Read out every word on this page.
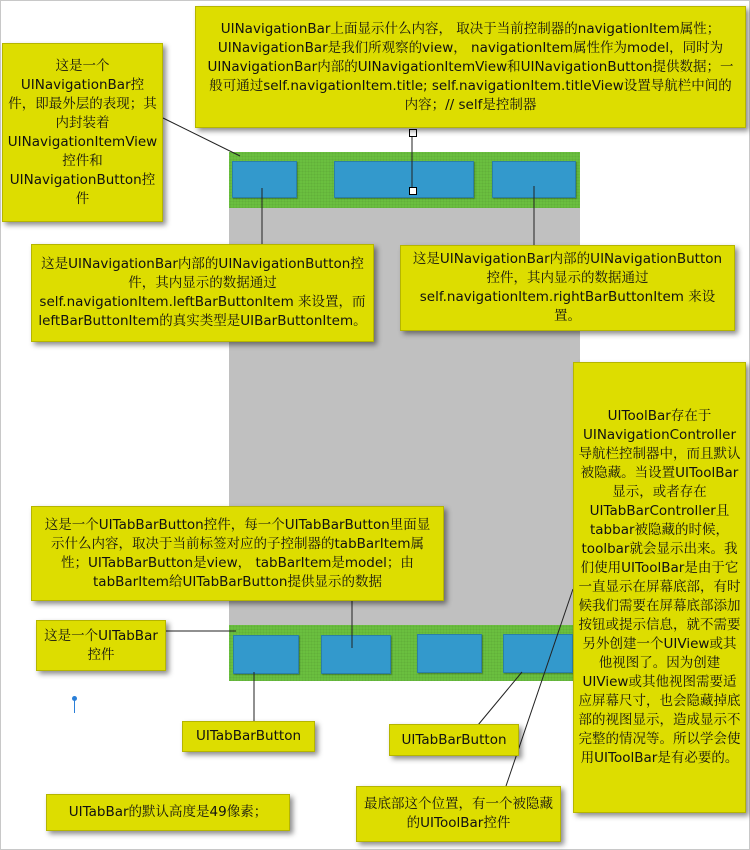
UINavigationBar上面显示什么内容， 取决于当前控制器的navigationItem属性； UINavigationBar是我们所观察的view， navigationItem属性作为model，同时为UINavigationBar内部的UINavigationItemView和UINavigationButton提供数据；一般可通过self.navigationItem.title; self.navigationItem.titleView设置导航栏中间的内容；// self是控制器
这是一个UINavigationBar控件，即最外层的表现；其内封装着UINavigationItemView控件和UINavigationButton控件
这是UINavigationBar内部的UINavigationButton控件，其内显示的数据通过self.navigationItem.leftBarButtonItem 来设置，而leftBarButtonItem的真实类型是UIBarButtonItem。
这是UINavigationBar内部的UINavigationButton控件，其内显示的数据通过self.navigationItem.rightBarButtonItem 来设置。
UIToolBar存在于UINavigationController导航栏控制器中，而且默认被隐藏。当设置UIToolBar显示，或者存在UITabBarController且tabbar被隐藏的时候，toolbar就会显示出来。我们使用UIToolBar是由于它一直显示在屏幕底部，有时候我们需要在屏幕底部添加按钮或提示信息，就不需要另外创建一个UIView或其他视图了。因为创建UIView或其他视图需要适应屏幕尺寸，也会隐藏掉底部的视图显示，造成显示不完整的情况等。所以学会使用UIToolBar是有必要的。
这是一个UITabBarButton控件，每一个UITabBarButton里面显示什么内容，取决于当前标签对应的子控制器的tabBarItem属性；UITabBarButton是view， tabBarItem是model；由tabBarItem给UITabBarButton提供显示的数据
这是一个UITabBar控件
UITabBarButton	UITabBarButton
UITabBar的默认高度是49像素；	最底部这个位置，有一个被隐藏的UIToolBar控件
